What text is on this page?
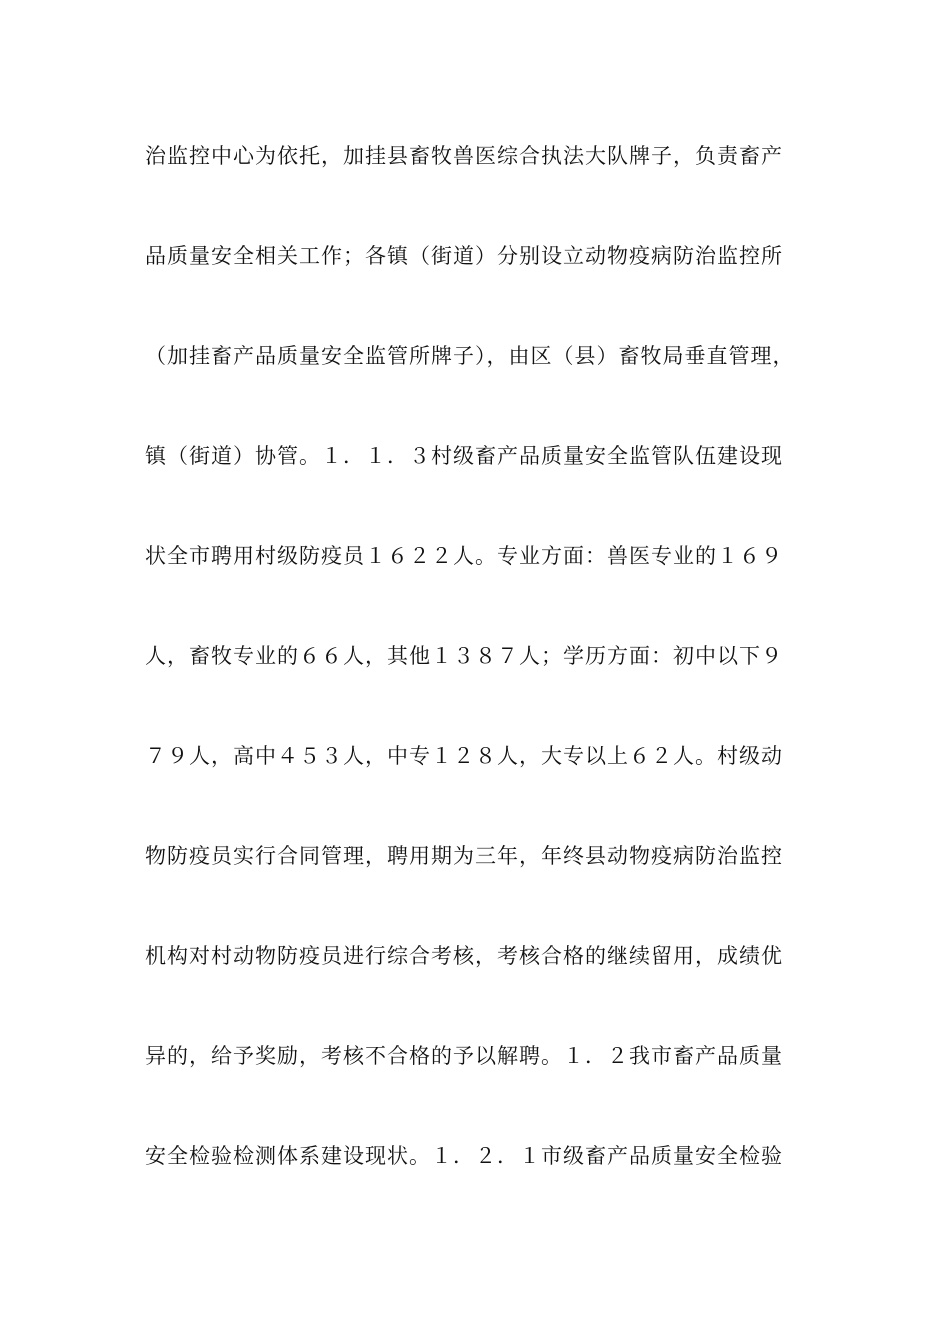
治监控中心为依托，加挂县畜牧兽医综合执法大队牌子，负责畜产
品质量安全相关工作；各镇（街道）分别设立动物疫病防治监控所
（加挂畜产品质量安全监管所牌子），由区（县）畜牧局垂直管理，
镇（街道）协管。１．１．３村级畜产品质量安全监管队伍建设现
状全市聘用村级防疫员１６２２人。专业方面：兽医专业的１６９
人，畜牧专业的６６人，其他１３８７人；学历方面：初中以下９
７９人，高中４５３人，中专１２８人，大专以上６２人。村级动
物防疫员实行合同管理，聘用期为三年，年终县动物疫病防治监控
机构对村动物防疫员进行综合考核，考核合格的继续留用，成绩优
异的，给予奖励，考核不合格的予以解聘。１．２我市畜产品质量
安全检验检测体系建设现状。１．２．１市级畜产品质量安全检验
